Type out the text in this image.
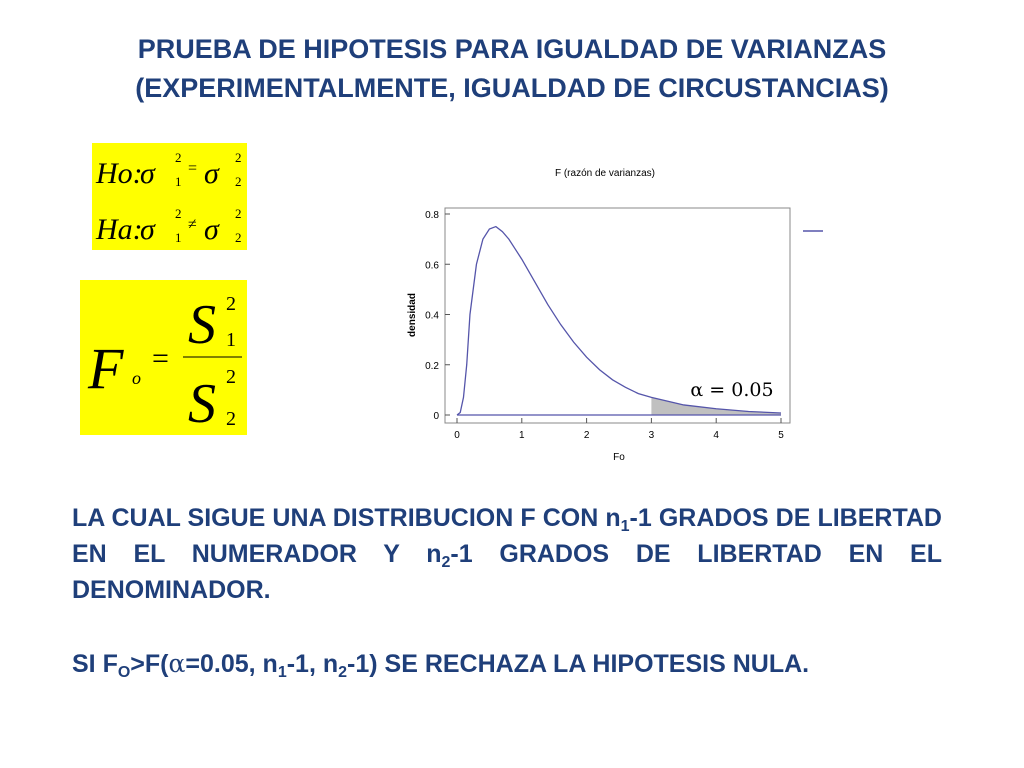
PRUEBA DE HIPOTESIS PARA IGUALDAD DE VARIANZAS
(EXPERIMENTALMENTE, IGUALDAD DE CIRCUSTANCIAS)
Ho:
σ 2
1
= σ 2
2
Ha:
σ 2
1
≠ σ 2
2
F o
=
S 2
1
S 2
2
F (razón de varianzas)
0	1	2	3	4	5
0
0.2
0.4
0.6
0.8
densidad
Fo
α = 0.05
LA CUAL SIGUE UNA DISTRIBUCION F CON $n_1-1$ GRADOS DE LIBERTAD EN EL NUMERADOR Y $n_2-1$ GRADOS DE LIBERTAD EN EL DENOMINADOR.
SI $F_O>F(\alpha=0.05$, $n_1-1$, $n_2-1$) SE RECHAZA LA HIPOTESIS NULA.
